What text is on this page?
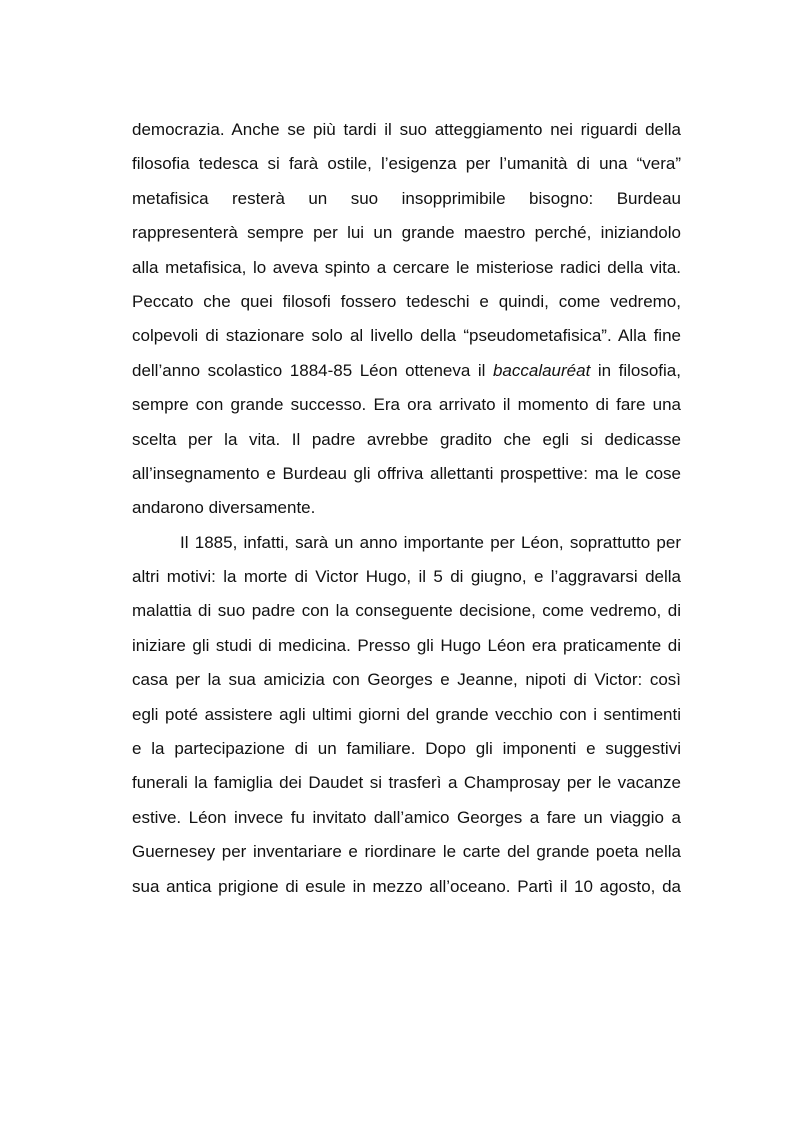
democrazia. Anche se più tardi il suo atteggiamento nei riguardi della
filosofia tedesca si farà ostile, l’esigenza per l’umanità di una “vera”
metafisica resterà un suo insopprimibile bisogno: Burdeau
rappresenterà sempre per lui un grande maestro perché, iniziandolo
alla metafisica, lo aveva spinto a cercare le misteriose radici della vita.
Peccato che quei filosofi fossero tedeschi e quindi, come vedremo,
colpevoli di stazionare solo al livello della “pseudometafisica”. Alla fine
dell’anno scolastico 1884-85 Léon otteneva il baccalauréat in filosofia,
sempre con grande successo. Era ora arrivato il momento di fare una
scelta per la vita. Il padre avrebbe gradito che egli si dedicasse
all’insegnamento e Burdeau gli offriva allettanti prospettive: ma le cose
andarono diversamente.
Il 1885, infatti, sarà un anno importante per Léon, soprattutto per
altri motivi: la morte di Victor Hugo, il 5 di giugno, e l’aggravarsi della
malattia di suo padre con la conseguente decisione, come vedremo, di
iniziare gli studi di medicina. Presso gli Hugo Léon era praticamente di
casa per la sua amicizia con Georges e Jeanne, nipoti di Victor: così
egli poté assistere agli ultimi giorni del grande vecchio con i sentimenti
e la partecipazione di un familiare. Dopo gli imponenti e suggestivi
funerali la famiglia dei Daudet si trasferì a Champrosay per le vacanze
estive. Léon invece fu invitato dall’amico Georges a fare un viaggio a
Guernesey per inventariare e riordinare le carte del grande poeta nella
sua antica prigione di esule in mezzo all’oceano. Partì il 10 agosto, da
